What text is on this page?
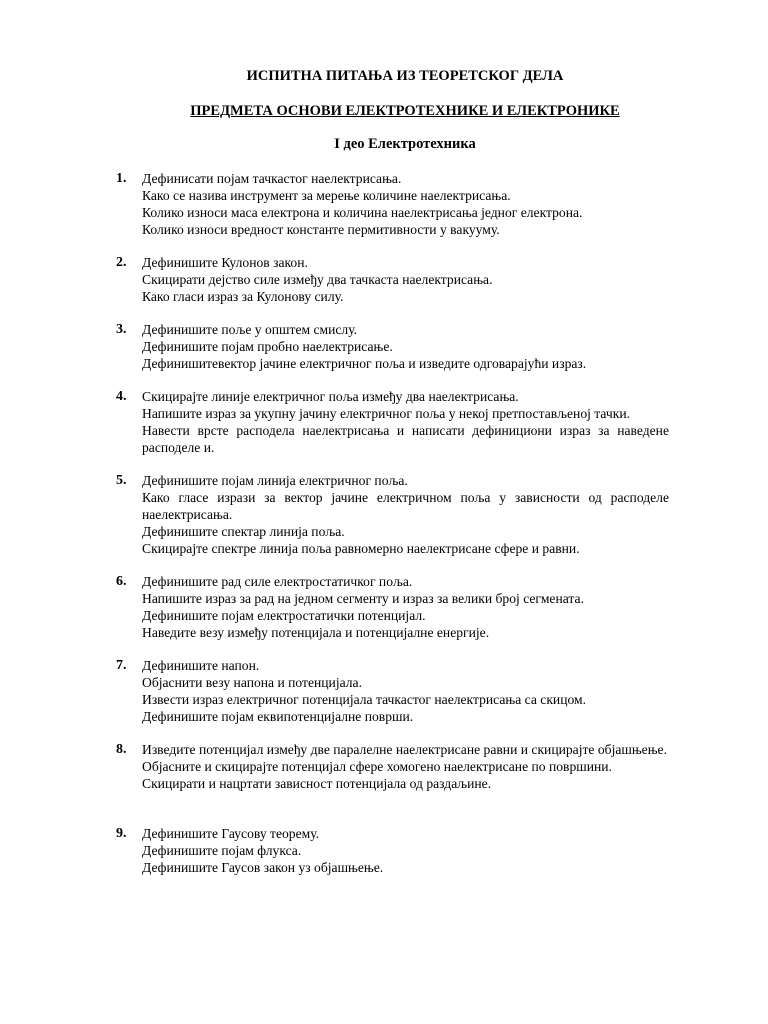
ИСПИТНА ПИТАЊА ИЗ ТЕОРЕТСКОГ ДЕЛА

ПРЕДМЕТА ОСНОВИ ЕЛЕКТРОТЕХНИКЕ И ЕЛЕКТРОНИКЕ

I део Електротехника

1. Дефинисати појам тачкастог наелектрисања.

Како се назива инструмент за мерење количине наелектрисања.

Колико износи маса електрона и количина наелектрисања једног електрона.

Колико износи вредност константе пермитивности у вакууму.

2. Дефинишите Кулонов закон.

Скицирати дејство силе између два тачкаста наелектрисања.

Како гласи израз за Кулонову силу.

3. Дефинишите поље у општем смислу.

Дефинишите појам пробно наелектрисање.

Дефинишитевектор јачине електричног поља и изведите одговарајући израз.

4. Скицирајте линије електричног поља између два наелектрисања.

Напишите израз за укупну јачину електричног поља у некој претпостављеној тачки.

Навести врсте расподела наелектрисања и написати дефинициони израз за наведене расподеле и.

5. Дефинишите појам линија електричног поља.

Како гласе изрази за вектор јачине електричном поља у зависности од расподеле наелектрисања.

Дефинишите спектар линија поља.

Скицирајте спектре линија поља равномерно наелектрисане сфере и равни.

6. Дефинишите рад силе електростатичког поља.

Напишите израз за рад на једном сегменту и израз за велики број сегмената.

Дефинишите појам електростатички потенцијал.

Наведите везу између потенцијала и потенцијалне енергије.

7. Дефинишите напон.

Објаснити везу напона и потенцијала.

Извести израз електричног потенцијала тачкастог наелектрисања са скицом.

Дефинишите појам еквипотенцијалне површи.

8. Изведите потенцијал између две паралелне наелектрисане равни и скицирајте објашњење.

Објасните и скицирајте потенцијал сфере хомогено наелектрисане по површини.

Скицирати и нацртати зависност потенцијала од раздаљине.

9. Дефинишите Гаусову теорему.

Дефинишите појам флукса.

Дефинишите Гаусов закон уз објашњење.
